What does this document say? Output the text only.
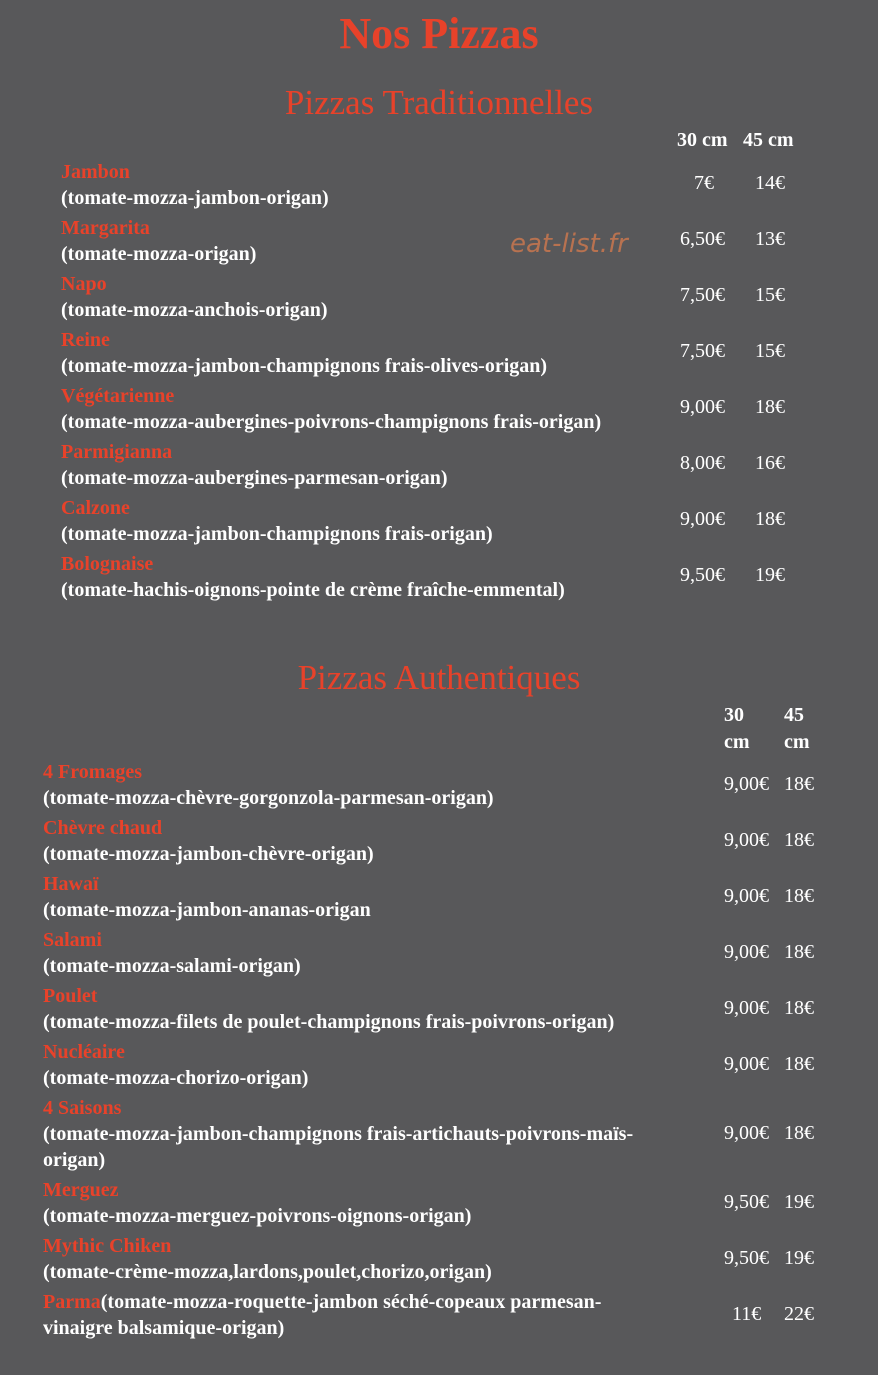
Nos Pizzas
Pizzas Traditionnelles
30 cm 45 cm
eat-list.fr
Jambon
(tomate-mozza-jambon-origan)
7€ 14€
Margarita
(tomate-mozza-origan)
6,50€ 13€
Napo
(tomate-mozza-anchois-origan)
7,50€ 15€
Reine
(tomate-mozza-jambon-champignons frais-olives-origan)
7,50€ 15€
Végétarienne
(tomate-mozza-aubergines-poivrons-champignons frais-origan)
9,00€ 18€
Parmigianna
(tomate-mozza-aubergines-parmesan-origan)
8,00€ 16€
Calzone
(tomate-mozza-jambon-champignons frais-origan)
9,00€ 18€
Bolognaise
(tomate-hachis-oignons-pointe de crème fraîche-emmental)
9,50€ 19€
Pizzas Authentiques
30
cm
45
cm
4 Fromages
(tomate-mozza-chèvre-gorgonzola-parmesan-origan)
9,00€ 18€
Chèvre chaud
(tomate-mozza-jambon-chèvre-origan)
9,00€ 18€
Hawaï
(tomate-mozza-jambon-ananas-origan
9,00€ 18€
Salami
(tomate-mozza-salami-origan)
9,00€ 18€
Poulet
(tomate-mozza-filets de poulet-champignons frais-poivrons-origan)
9,00€ 18€
Nucléaire
(tomate-mozza-chorizo-origan)
9,00€ 18€
4 Saisons
(tomate-mozza-jambon-champignons frais-artichauts-poivrons-maïs-
origan)
9,00€ 18€
Merguez
(tomate-mozza-merguez-poivrons-oignons-origan)
9,50€ 19€
Mythic Chiken
(tomate-crème-mozza,lardons,poulet,chorizo,origan)
9,50€ 19€
Parma(tomate-mozza-roquette-jambon séché-copeaux parmesan-
vinaigre balsamique-origan)
11€ 22€
